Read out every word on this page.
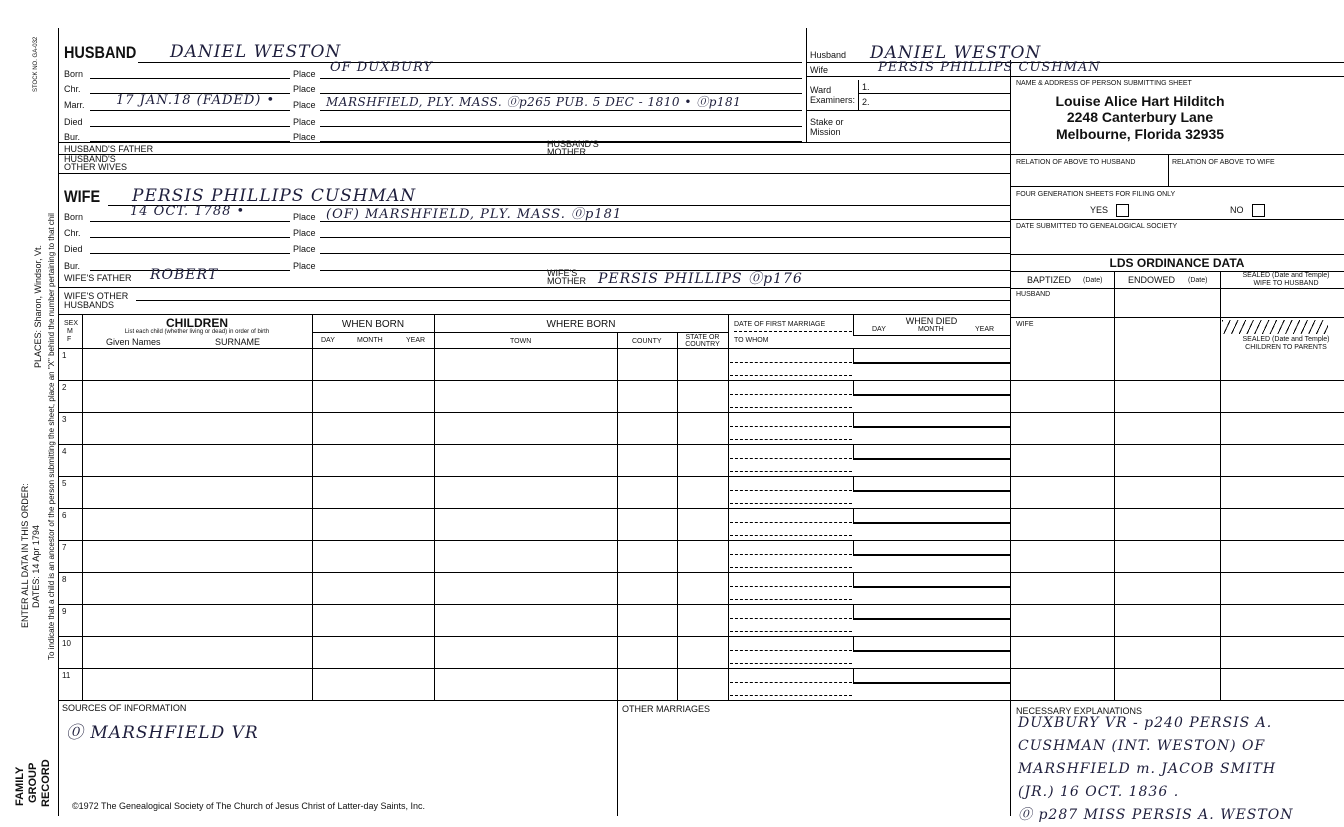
STOCK NO. GA-032
PLACES: Sharon, Windsor, Vt. To indicate that a child is an ancestor of the person submitting the sheet, place an "X" behind the number pertaining to that chil
ENTER ALL DATA IN THIS ORDER: DATES: 14 Apr 1794
FAMILY GROUP RECORD
HUSBAND DANIEL WESTON
Born	Place OF DUXBURY
Chr.	Place
Marr. 17 JAN.18 (FADED) • Place MARSHFIELD, PLY. MASS. ⓪p265 PUB. 5 DEC - 1810 • ⓪p181
Died	Place
Bur.	Place
HUSBAND'S FATHER	HUSBAND'S MOTHER
HUSBAND'S OTHER WIVES
Husband DANIEL WESTON
Wife	PERSIS PHILLIPS CUSHMAN
Ward	1.
Examiners: 2.
Stake or
Mission
NAME & ADDRESS OF PERSON SUBMITTING SHEET
Louise Alice Hart Hilditch
2248 Canterbury Lane
Melbourne, Florida 32935
RELATION OF ABOVE TO HUSBAND	RELATION OF ABOVE TO WIFE
FOUR GENERATION SHEETS FOR FILING ONLY
YES	NO
DATE SUBMITTED TO GENEALOGICAL SOCIETY
LDS ORDINANCE DATA
BAPTIZED (Date)	ENDOWED (Date)
SEALED (Date and Temple)
WIFE TO HUSBAND
HUSBAND
WIFE
SEALED (Date and Temple)
CHILDREN TO PARENTS
WIFE PERSIS PHILLIPS CUSHMAN
Born	14 OCT. 1788 •	Place (OF) MARSHFIELD, PLY. MASS. ⓪p181
Chr.	Place
Died	Place
Bur.	Place
WIFE'S FATHER ROBERT	WIFE'S MOTHER PERSIS PHILLIPS ⓪p176
WIFE'S OTHER HUSBANDS
SEX
M
F
CHILDREN
List each child (whether living or dead) in order of birth
Given Names	SURNAME
WHEN BORN
DAY	MONTH	YEAR
WHERE BORN
TOWN	COUNTY
STATE OR
COUNTRY
DATE OF FIRST MARRIAGE
TO WHOM
WHEN DIED
DAY	MONTH	YEAR
1
2
3
4
5
6
7
8
9
10
11
SOURCES OF INFORMATION
⓪ MARSHFIELD VR
OTHER MARRIAGES	NECESSARY EXPLANATIONS
DUXBURY VR - p240 PERSIS A.
CUSHMAN (INT. WESTON) OF
MARSHFIELD m. JACOB SMITH
(JR.) 16 OCT. 1836 .
⓪ p287 MISS PERSIS A. WESTON
©1972 The Genealogical Society of The Church of Jesus Christ of Latter-day Saints, Inc.
